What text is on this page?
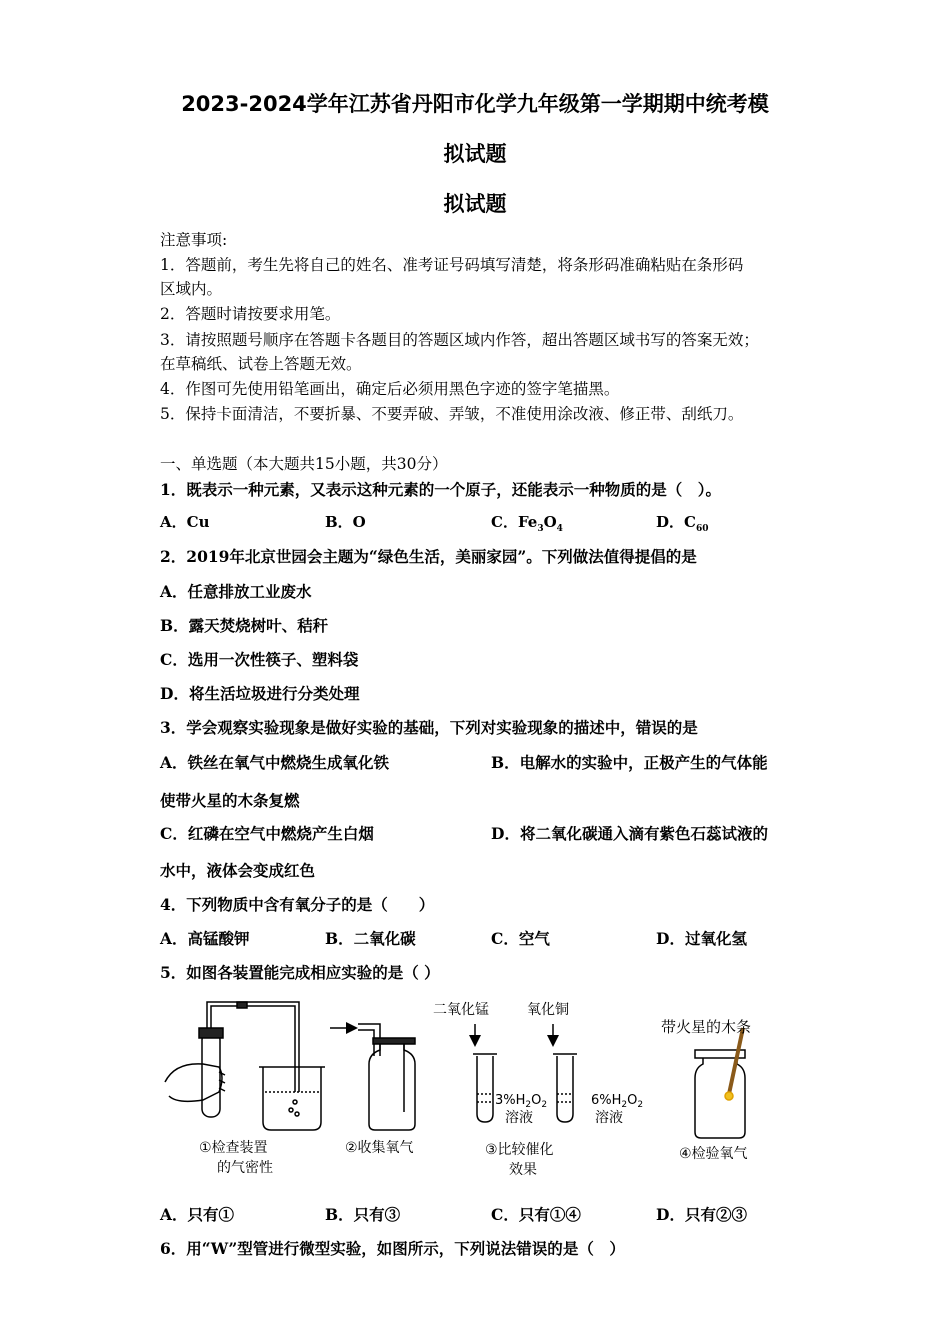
2023-2024学年江苏省丹阳市化学九年级第一学期期中统考模
拟试题
拟试题
注意事项:
1．答题前，考生先将自己的姓名、准考证号码填写清楚，将条形码准确粘贴在条形码
区域内。
2．答题时请按要求用笔。
3．请按照题号顺序在答题卡各题目的答题区域内作答，超出答题区域书写的答案无效；
在草稿纸、试卷上答题无效。
4．作图可先使用铅笔画出，确定后必须用黑色字迹的签字笔描黑。
5．保持卡面清洁，不要折暴、不要弄破、弄皱，不准使用涂改液、修正带、刮纸刀。
一、单选题（本大题共15小题，共30分）
1．既表示一种元素，又表示这种元素的一个原子，还能表示一种物质的是（　）。
A．Cu	B．O	C．$Fe_3O_4$	D．$C_{60}$
2．2019年北京世园会主题为“绿色生活，美丽家园”。下列做法值得提倡的是
A．任意排放工业废水
B．露天焚烧树叶、秸秆
C．选用一次性筷子、塑料袋
D．将生活垃圾进行分类处理
3．学会观察实验现象是做好实验的基础，下列对实验现象的描述中，错误的是
A．铁丝在氧气中燃烧生成氧化铁	B．电解水的实验中，正极产生的气体能
使带火星的木条复燃
C．红磷在空气中燃烧产生白烟	D．将二氧化碳通入滴有紫色石蕊试液的
水中，液体会变成红色
4．下列物质中含有氧分子的是（　　）
A．高锰酸钾	B．二氧化碳	C．空气	D．过氧化氢
5．如图各装置能完成相应实验的是（ ）
①检查装置
的气密性
②收集氧气
二氧化锰	氧化铜
$3\%H_2O_2$
溶液
$6\%H_2O_2$
溶液
③比较催化
效果
带火星的木条
④检验氧气
A．只有①	B．只有③	C．只有①④	D．只有②③
6．用“W”型管进行微型实验，如图所示，下列说法错误的是（　）
